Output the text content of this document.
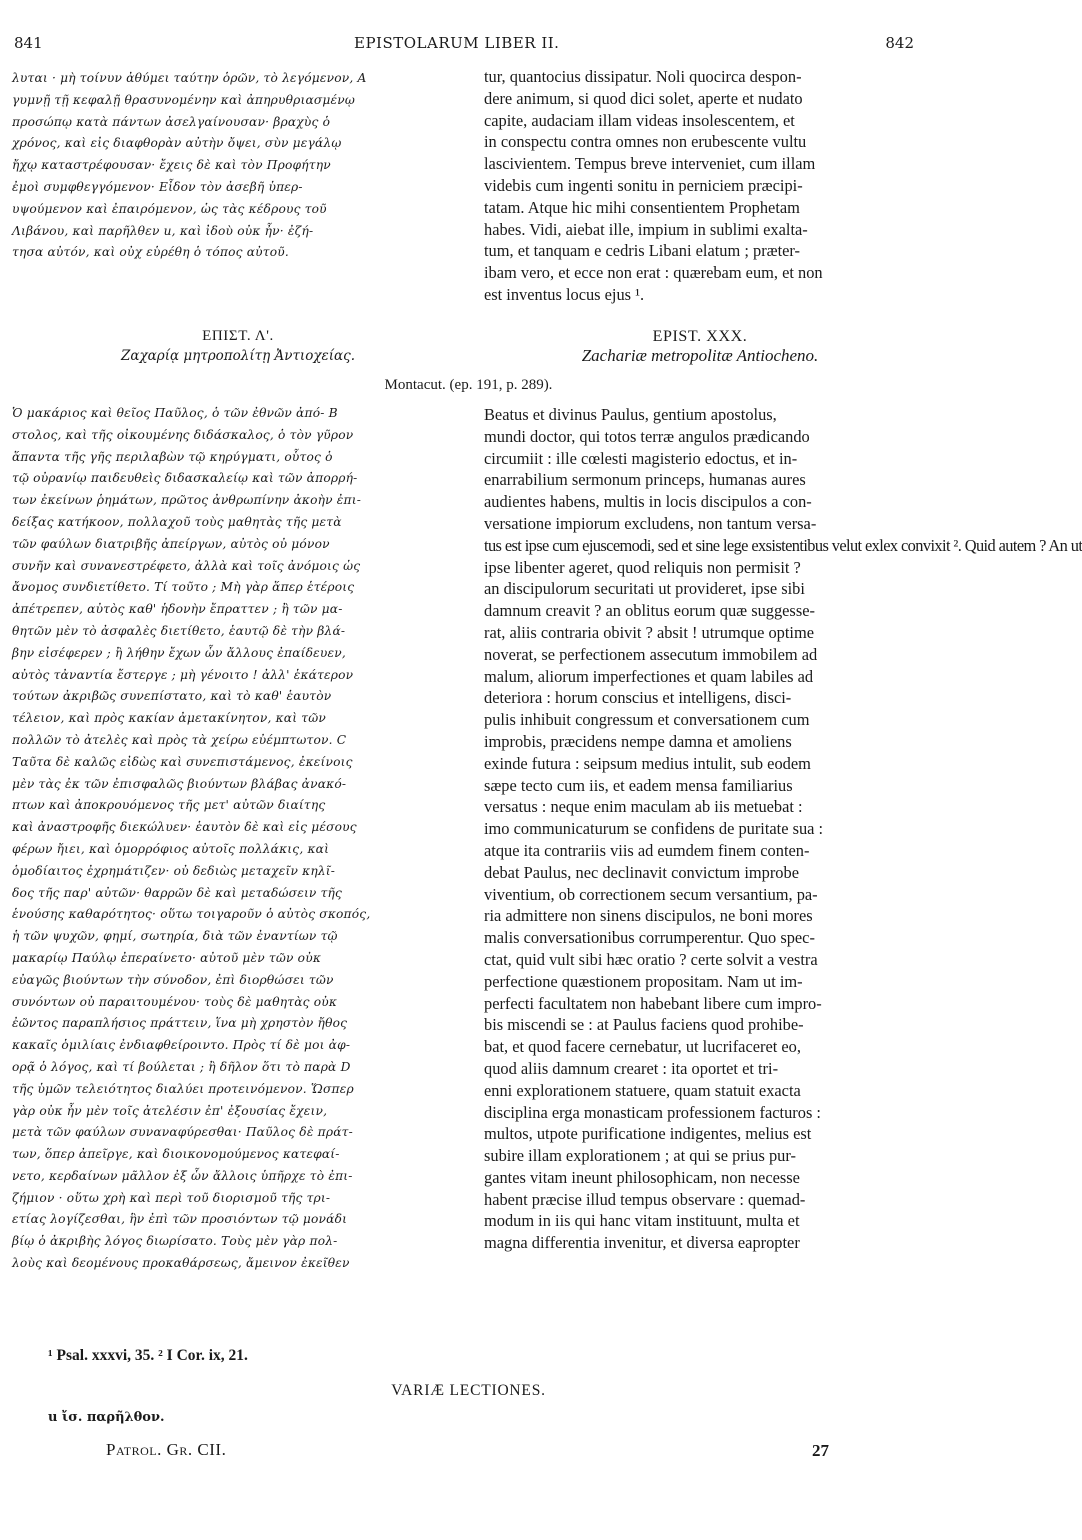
841	EPISTOLARUM LIBER II.	842
λυται · μὴ τοίνυν ἀθύμει ταύτην ὁρῶν, τὸ λεγόμενον, A
γυμνῇ τῇ κεφαλῇ θρασυνομένην καὶ ἀπηρυθριασμένῳ
προσώπῳ κατὰ πάντων ἀσελγαίνουσαν· βραχὺς ὁ
χρόνος, καὶ εἰς διαφθορὰν αὐτὴν ὄψει, σὺν μεγάλῳ
ἤχῳ καταστρέφουσαν· ἔχεις δὲ καὶ τὸν Προφήτην
ἐμοὶ συμφθεγγόμενον· Εἶδον τὸν ἀσεβῆ ὑπερ-
υψούμενον καὶ ἐπαιρόμενον, ὡς τὰς κέδρους τοῦ
Λιβάνου, καὶ παρῆλθεν u, καὶ ἰδοὺ οὐκ ἦν· ἐζή-
τησα αὐτόν, καὶ οὐχ εὑρέθη ὁ τόπος αὐτοῦ.
tur, quantocius dissipatur. Noli quocirca despon-
dere animum, si quod dici solet, aperte et nudato
capite, audaciam illam videas insolescentem, et
in conspectu contra omnes non erubescente vultu
lascivientem. Tempus breve interveniet, cum illam
videbis cum ingenti sonitu in perniciem præcipi-
tatam. Atque hic mihi consentientem Prophetam
habes. Vidi, aiebat ille, impium in sublimi exalta-
tum, et tanquam e cedris Libani elatum ; præter-
ibam vero, et ecce non erat : quærebam eum, et non
est inventus locus ejus ¹.
ΕΠΙΣΤ. Λ'.	EPIST. XXX.
Ζαχαρίᾳ μητροπολίτῃ Ἀντιοχείας.	Zachariæ metropolitæ Antiocheno.
Montacut. (ep. 191, p. 289).
Ὁ μακάριος καὶ θεῖος Παῦλος, ὁ τῶν ἐθνῶν ἀπό- B
στολος, καὶ τῆς οἰκουμένης διδάσκαλος, ὁ τὸν γῦρον
ἅπαντα τῆς γῆς περιλαβὼν τῷ κηρύγματι, οὗτος ὁ
τῷ οὐρανίῳ παιδευθεὶς διδασκαλείῳ καὶ τῶν ἀπορρή-
των ἐκείνων ῥημάτων, πρῶτος ἀνθρωπίνην ἀκοὴν ἐπι-
δείξας κατήκοον, πολλαχοῦ τοὺς μαθητὰς τῆς μετὰ
τῶν φαύλων διατριβῆς ἀπείργων, αὐτὸς οὐ μόνον
συνῆν καὶ συνανεστρέφετο, ἀλλὰ καὶ τοῖς ἀνόμοις ὡς
ἄνομος συνδιετίθετο. Τί τοῦτο ; Μὴ γὰρ ἅπερ ἑτέροις
ἀπέτρεπεν, αὐτὸς καθ' ἡδονὴν ἔπραττεν ; ἢ τῶν μα-
θητῶν μὲν τὸ ἀσφαλὲς διετίθετο, ἑαυτῷ δὲ τὴν βλά-
βην εἰσέφερεν ; ἢ λήθην ἔχων ὧν ἄλλους ἐπαίδευεν,
αὐτὸς τἀναντία ἔστεργε ; μὴ γένοιτο ! ἀλλ' ἑκάτερον
τούτων ἀκριβῶς συνεπίστατο, καὶ τὸ καθ' ἑαυτὸν
τέλειον, καὶ πρὸς κακίαν ἀμετακίνητον, καὶ τῶν
πολλῶν τὸ ἀτελὲς καὶ πρὸς τὰ χείρω εὐέμπτωτον. C
Ταῦτα δὲ καλῶς εἰδὼς καὶ συνεπιστάμενος, ἐκείνοις
μὲν τὰς ἐκ τῶν ἐπισφαλῶς βιούντων βλάβας ἀνακό-
πτων καὶ ἀποκρουόμενος τῆς μετ' αὐτῶν διαίτης
καὶ ἀναστροφῆς διεκώλυεν· ἑαυτὸν δὲ καὶ εἰς μέσους
φέρων ἤιει, καὶ ὁμορρόφιος αὐτοῖς πολλάκις, καὶ
ὁμοδίαιτος ἐχρημάτιζεν· οὐ δεδιὼς μεταχεῖν κηλῖ-
δος τῆς παρ' αὐτῶν· θαρρῶν δὲ καὶ μεταδώσειν τῆς
ἑνούσης καθαρότητος· οὕτω τοιγαροῦν ὁ αὐτὸς σκοπός,
ἡ τῶν ψυχῶν, φημί, σωτηρία, διὰ τῶν ἐναντίων τῷ
μακαρίῳ Παύλῳ ἐπεραίνετο· αὐτοῦ μὲν τῶν οὐκ
εὐαγῶς βιούντων τὴν σύνοδον, ἐπὶ διορθώσει τῶν
συνόντων οὐ παραιτουμένου· τοὺς δὲ μαθητὰς οὐκ
ἐῶντος παραπλήσιος πράττειν, ἵνα μὴ χρηστὸν ἤθος
κακαῖς ὁμιλίαις ἐνδιαφθείροιντο. Πρὸς τί δὲ μοι ἀφ-
ορᾷ ὁ λόγος, καὶ τί βούλεται ; ἢ δῆλον ὅτι τὸ παρὰ D
τῆς ὑμῶν τελειότητος διαλύει προτεινόμενον. Ὥσπερ
γὰρ οὐκ ἦν μὲν τοῖς ἀτελέσιν ἐπ' ἐξουσίας ἔχειν,
μετὰ τῶν φαύλων συναναφύρεσθαι· Παῦλος δὲ πράτ-
των, ὅπερ ἀπεῖργε, καὶ διοικονομούμενος κατεφαί-
νετο, κερδαίνων μᾶλλον ἐξ ὧν ἄλλοις ὑπῆρχε τὸ ἐπι-
ζήμιον · οὕτω χρὴ καὶ περὶ τοῦ διορισμοῦ τῆς τρι-
ετίας λογίζεσθαι, ἣν ἐπὶ τῶν προσιόντων τῷ μονάδι
βίῳ ὁ ἀκριβὴς λόγος διωρίσατο. Τοὺς μὲν γὰρ πολ-
λοὺς καὶ δεομένους προκαθάρσεως, ἄμεινον ἐκεῖθεν
Beatus et divinus Paulus, gentium apostolus,
mundi doctor, qui totos terræ angulos prædicando
circumiit : ille cœlesti magisterio edoctus, et in-
enarrabilium sermonum princeps, humanas aures
audientes habens, multis in locis discipulos a con-
versatione impiorum excludens, non tantum versa-
tus est ipse cum ejuscemodi, sed et sine lege exsistentibus velut exlex convixit ². Quid autem ? An ut
ipse libenter ageret, quod reliquis non permisit ?
an discipulorum securitati ut provideret, ipse sibi
damnum creavit ? an oblitus eorum quæ suggesse-
rat, aliis contraria obivit ? absit ! utrumque optime
noverat, se perfectionem assecutum immobilem ad
malum, aliorum imperfectiones et quam labiles ad
deteriora : horum conscius et intelligens, disci-
pulis inhibuit congressum et conversationem cum
improbis, præcidens nempe damna et amoliens
exinde futura : seipsum medius intulit, sub eodem
sæpe tecto cum iis, et eadem mensa familiarius
versatus : neque enim maculam ab iis metuebat :
imo communicaturum se confidens de puritate sua :
atque ita contrariis viis ad eumdem finem conten-
debat Paulus, nec declinavit convictum improbe
viventium, ob correctionem secum versantium, pa-
ria admittere non sinens discipulos, ne boni mores
malis conversationibus corrumperentur. Quo spec-
ctat, quid vult sibi hæc oratio ? certe solvit a vestra
perfectione quæstionem propositam. Nam ut im-
perfecti facultatem non habebant libere cum impro-
bis miscendi se : at Paulus faciens quod prohibe-
bat, et quod facere cernebatur, ut lucrifaceret eo,
quod aliis damnum crearet : ita oportet et tri-
enni explorationem statuere, quam statuit exacta
disciplina erga monasticam professionem facturos :
multos, utpote purificatione indigentes, melius est
subire illam explorationem ; at qui se prius pur-
gantes vitam ineunt philosophicam, non necesse
habent præcise illud tempus observare : quemad-
modum in iis qui hanc vitam instituunt, multa et
magna differentia invenitur, et diversa eapropter
¹ Psal. xxxvi, 35. ² I Cor. ix, 21.
VARIÆ LECTIONES.
u ἴσ. παρῆλθον.
Patrol. Gr. CII.	27
